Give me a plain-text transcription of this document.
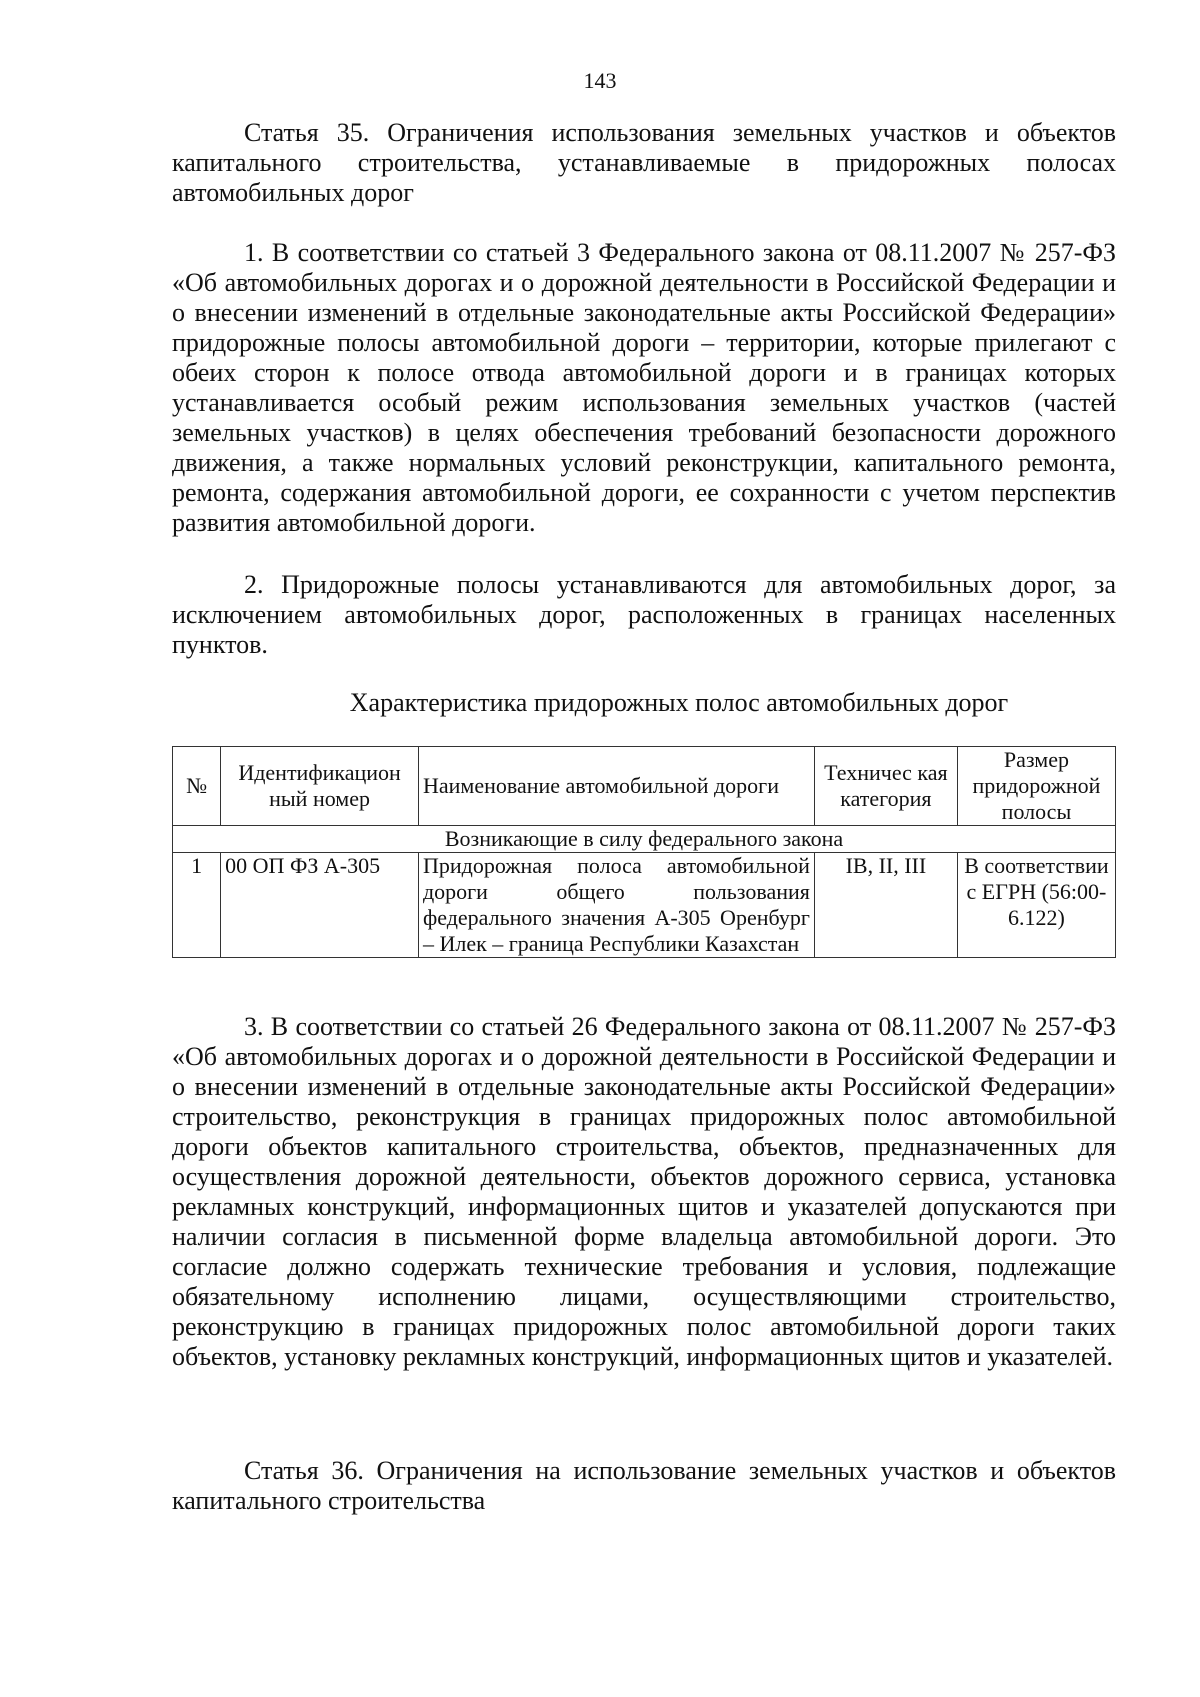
143
Статья 35. Ограничения использования земельных участков и объектов капитального строительства, устанавливаемые в придорожных полосах автомобильных дорог
1. В соответствии со статьей 3 Федерального закона от 08.11.2007 № 257-ФЗ «Об автомобильных дорогах и о дорожной деятельности в Российской Федерации и о внесении изменений в отдельные законодательные акты Российской Федерации» придорожные полосы автомобильной дороги – территории, которые прилегают с обеих сторон к полосе отвода автомобильной дороги и в границах которых устанавливается особый режим использования земельных участков (частей земельных участков) в целях обеспечения требований безопасности дорожного движения, а также нормальных условий реконструкции, капитального ремонта, ремонта, содержания автомобильной дороги, ее сохранности с учетом перспектив развития автомобильной дороги.
2. Придорожные полосы устанавливаются для автомобильных дорог, за исключением автомобильных дорог, расположенных в границах населенных пунктов.
Характеристика придорожных полос автомобильных дорог
№	Идентификацион ный номер	Наименование автомобильной дороги	Техничес кая категория	Размер придорожной полосы
Возникающие в силу федерального закона				
1	00 ОП ФЗ А-305	Придорожная полоса автомобильной дороги общего пользования федерального значения А-305 Оренбург – Илек – граница Республики Казахстан	IB, II, III	В соответствии с ЕГРН (56:00-6.122)
3. В соответствии со статьей 26 Федерального закона от 08.11.2007 № 257-ФЗ «Об автомобильных дорогах и о дорожной деятельности в Российской Федерации и о внесении изменений в отдельные законодательные акты Российской Федерации» строительство, реконструкция в границах придорожных полос автомобильной дороги объектов капитального строительства, объектов, предназначенных для осуществления дорожной деятельности, объектов дорожного сервиса, установка рекламных конструкций, информационных щитов и указателей допускаются при наличии согласия в письменной форме владельца автомобильной дороги. Это согласие должно содержать технические требования и условия, подлежащие обязательному исполнению лицами, осуществляющими строительство, реконструкцию в границах придорожных полос автомобильной дороги таких объектов, установку рекламных конструкций, информационных щитов и указателей.
Статья 36. Ограничения на использование земельных участков и объектов капитального строительства
